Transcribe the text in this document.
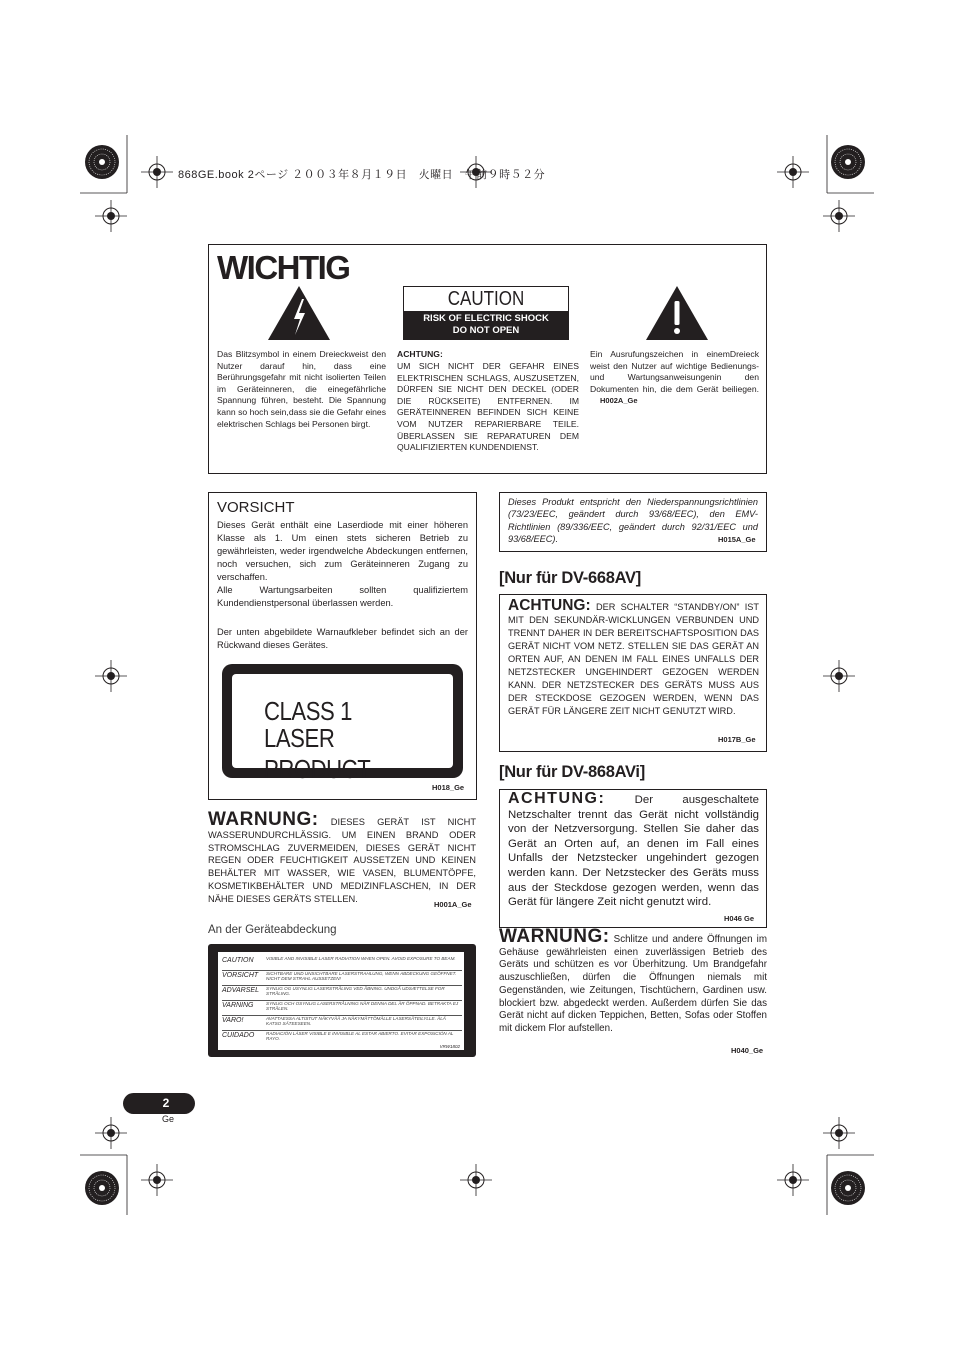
868GE.book 2ページ ２００３年８月１９日　火曜日　午前９時５２分
WICHTIG
CAUTION
RISK OF ELECTRIC SHOCK
DO NOT OPEN
Das Blitzsymbol in einem Dreieckweist den Nutzer darauf hin, dass eine Berührungsgefahr mit nicht isolierten Teilen im Geräteinneren, die einegefährliche Spannung führen, besteht. Die Spannung kann so hoch sein,dass sie die Gefahr eines elektrischen Schlags bei Personen birgt.
ACHTUNG:
UM SICH NICHT DER GEFAHR EINES ELEKTRISCHEN SCHLAGS, AUSZUSETZEN, DÜRFEN SIE NICHT DEN DECKEL (ODER DIE RÜCKSEITE) ENTFERNEN. IM GERÄTEINNEREN BEFINDEN SICH KEINE VOM NUTZER REPARIERBARE TEILE. ÜBERLASSEN SIE REPARATUREN DEM QUALIFIZIERTEN KUNDENDIENST.
Ein Ausrufungszeichen in einemDreieck weist den Nutzer auf wichtige Bedienungs- und Wartungsanweisungenin den Dokumenten hin, die dem Gerät beiliegen. H002A_Ge
VORSICHT
Dieses Gerät enthält eine Laserdiode mit einer höheren Klasse als 1. Um einen stets sicheren Betrieb zu gewährleisten, weder irgendwelche Abdeckungen entfernen, noch versuchen, sich zum Geräteinneren Zugang zu verschaffen.
Alle Wartungsarbeiten sollten qualifiziertem Kundendienstpersonal überlassen werden.
Der unten abgebildete Warnaufkleber befindet sich an der Rückwand dieses Gerätes.
CLASS 1
LASER PRODUCT
H018_Ge
WARNUNG: DIESES GERÄT IST NICHT WASSERUNDURCHLÄSSIG. UM EINEN BRAND ODER STROMSCHLAG ZUVERMEIDEN, DIESES GERÄT NICHT REGEN ODER FEUCHTIGKEIT AUSSETZEN UND KEINEN BEHÄLTER MIT WASSER, WIE VASEN, BLUMENTÖPFE, KOSMETIKBEHÄLTER UND MEDIZINFLASCHEN, IN DER NÄHE DIESES GERÄTS STELLEN.
H001A_Ge
An der Geräteabdeckung
CAUTION	VISIBLE AND INVISIBLE LASER RADIATION WHEN OPEN. AVOID EXPOSURE TO BEAM.
VORSICHT SICHTBARE UND UNSICHTBARE LASERSTRAHLUNG, WENN ABDECKUNG GEÖFFNET. NICHT DEM STRAHL AUSSETZEN!
ADVARSEL SYNLIG OG USYNLIG LASERSTRÅLING VED ÅBNING. UNDGÅ UDSÆTTELSE FOR STRÅLING.
VARNING	SYNLIG OCH OSYNLIG LASERSTRÅLNING NÄR DENNA DEL ÄR ÖPPNAD. BETRAKTA EJ STRÅLEN.
VARO!	AVATTAESSA ALTISTUT NÄKYVÄÄ JA NÄKYMÄTTÖMÄLLE LASERSÄTEILYLLE. ÄLÄ KATSO SÄTEESEEN.
CUIDADO	RADIACIÓN LÁSER VISIBLE E INVISIBLE AL ESTAR ABIERTO. EVITAR EXPOSICIÓN AL RAYO.
VRW1802
Dieses Produkt entspricht den Niederspannungsrichtlinien (73/23/EEC, geändert durch 93/68/EEC), den EMV-Richtlinien (89/336/EEC, geändert durch 92/31/EEC und 93/68/EEC).	H015A_Ge
[Nur für DV-668AV]
ACHTUNG: DER SCHALTER “STANDBY/ON” IST MIT DEN SEKUNDÄR-WICKLUNGEN VERBUNDEN UND TRENNT DAHER IN DER BEREITSCHAFTSPOSITION DAS GERÄT NICHT VOM NETZ. STELLEN SIE DAS GERÄT AN ORTEN AUF, AN DENEN IM FALL EINES UNFALLS DER NETZSTECKER UNGEHINDERT GEZOGEN WERDEN KANN. DER NETZSTECKER DES GERÄTS MUSS AUS DER STECKDOSE GEZOGEN WERDEN, WENN DAS GERÄT FÜR LÄNGERE ZEIT NICHT GENUTZT WIRD.
H017B_Ge
[Nur für DV-868AVi]
ACHTUNG:	Der ausgeschaltete Netzschalter trennt das Gerät nicht vollständig von der Netzversorgung. Stellen Sie daher das Gerät an Orten auf, an denen im Fall eines Unfalls der Netzstecker ungehindert gezogen werden kann. Der Netzstecker des Geräts muss aus der Steckdose gezogen werden, wenn das Gerät für längere Zeit nicht genutzt wird.
H046 Ge
WARNUNG: Schlitze und andere Öffnungen im Gehäuse gewährleisten einen zuverlässigen Betrieb des Geräts und schützen es vor Überhitzung. Um Brandgefahr auszuschließen, dürfen die Öffnungen niemals mit Gegenständen, wie Zeitungen, Tischtüchern, Gardinen usw. blockiert bzw. abgedeckt werden. Außerdem dürfen Sie das Gerät nicht auf dicken Teppichen, Betten, Sofas oder Stoffen mit dickem Flor aufstellen.
H040_Ge
2
Ge
